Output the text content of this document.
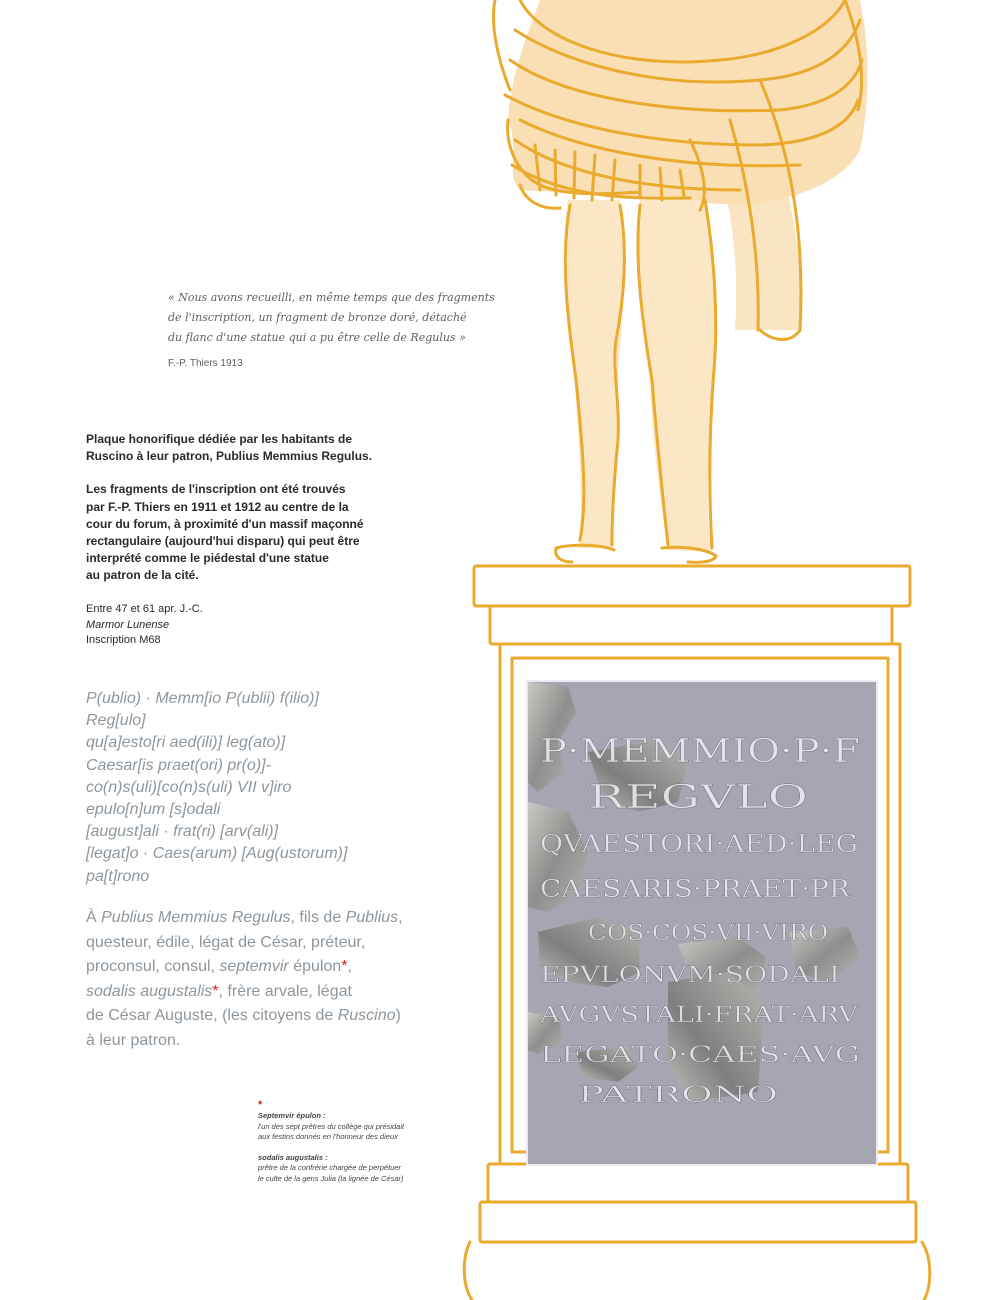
« Nous avons recueilli, en même temps que des fragments
de l'inscription, un fragment de bronze doré, détaché
du flanc d'une statue qui a pu être celle de Regulus »
F.-P. Thiers 1913

Plaque honorifique dédiée par les habitants de
Ruscino à leur patron, Publius Memmius Regulus.

Les fragments de l'inscription ont été trouvés
par F.-P. Thiers en 1911 et 1912 au centre de la
cour du forum, à proximité d'un massif maçonné
rectangulaire (aujourd'hui disparu) qui peut être
interprété comme le piédestal d'une statue
au patron de la cité.

Entre 47 et 61 apr. J.-C.
Marmor Lunense
Inscription M68
P(ublio) · Memm[io P(ublii) f(ilio)]
Reg[ulo]
qu[a]esto[ri aed(ili)] leg(ato)]
Caesar[is praet(ori) pr(o)]-
co(n)s(uli)[co(n)s(uli) VII v]iro
epulo[n]um [s]odali
[august]ali · frat(ri) [arv(ali)]
[legat]o · Caes(arum) [Aug(ustorum)]
pa[t]rono
À Publius Memmius Regulus, fils de Publius,
questeur, édile, légat de César, préteur,
proconsul, consul, septemvir épulon*,
sodalis augustalis*, frère arvale, légat
de César Auguste, (les citoyens de Ruscino)
à leur patron.
*
Septemvir épulon :
l'un des sept prêtres du collège qui présidait
aux festins donnés en l'honneur des dieux
sodalis augustalis :
prêtre de la confrérie chargée de perpétuer
le culte de la gens Julia (la lignée de César)
P·MEMMIO·P·F
REGVLO
QVAESTORI·AED·LEG
CAESARIS·PRAET·PR
COS·COS·VII·VIRO
EPVLONVM·SODALI
AVGVSTALI·FRAT·ARV
LEGATO·CAES·AVG
PATRONO
